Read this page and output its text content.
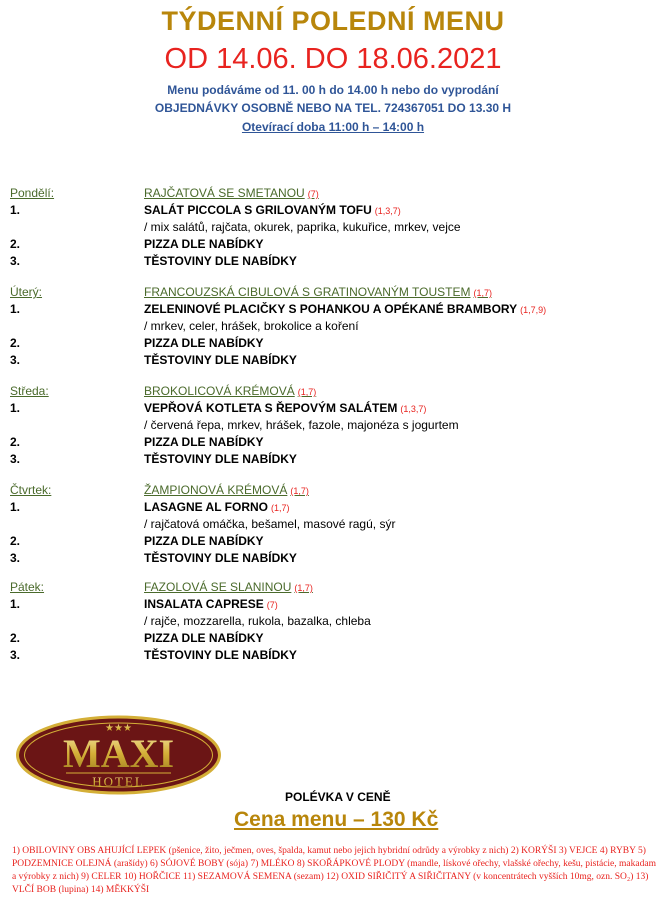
TÝDENNÍ POLEDNÍ MENU
OD 14.06. DO 18.06.2021
Menu podáváme od 11. 00 h do 14.00 h nebo do vyprodání
OBJEDNÁVKY OSOBNĚ NEBO NA TEL. 724367051 DO 13.30 H
Otevírací doba 11:00 h – 14:00 h
Pondělí:	RAJČATOVÁ SE SMETANOU (7)
1.	SALÁT PICCOLA S GRILOVANÝM TOFU (1,3,7)
/ mix salátů, rajčata, okurek, paprika, kukuřice, mrkev, vejce
2.	PIZZA DLE NABÍDKY
3.	TĚSTOVINY DLE NABÍDKY
Úterý:	FRANCOUZSKÁ CIBULOVÁ S GRATINOVANÝM TOUSTEM (1,7)
1.	ZELENINOVÉ PLACIČKY S POHANKOU A OPÉKANÉ BRAMBORY (1,7,9)
/ mrkev, celer, hrášek, brokolice a koření
2.	PIZZA DLE NABÍDKY
3.	TĚSTOVINY DLE NABÍDKY
Středa:	BROKOLICOVÁ KRÉMOVÁ (1,7)
1.	VEPŘOVÁ KOTLETA S ŘEPOVÝM SALÁTEM (1,3,7)
/ červená řepa, mrkev, hrášek, fazole, majonéza s jogurtem
2.	PIZZA DLE NABÍDKY
3.	TĚSTOVINY DLE NABÍDKY
Čtvrtek:	ŽAMPIONOVÁ KRÉMOVÁ (1,7)
1.	LASAGNE AL FORNO (1,7)
/ rajčatová omáčka, bešamel, masové ragú, sýr
2.	PIZZA DLE NABÍDKY
3.	TĚSTOVINY DLE NABÍDKY
Pátek:	FAZOLOVÁ SE SLANINOU (1,7)
1.	INSALATA CAPRESE (7)
/ rajče, mozzarella, rukola, bazalka, chleba
2.	PIZZA DLE NABÍDKY
3.	TĚSTOVINY DLE NABÍDKY
★★★
MAXI
HOTEL
POLÉVKA V CENĚ
Cena menu – 130 Kč
1) OBILOVINY OBS AHUJÍCÍ LEPEK (pšenice, žito, ječmen, oves, špalda, kamut nebo jejich hybridní odrůdy a výrobky z nich) 2) KORÝŠI 3) VEJCE 4) RYBY 5) PODZEMNICE OLEJNÁ (arašídy) 6) SÓJOVÉ BOBY (sója) 7) MLÉKO 8) SKOŘÁPKOVÉ PLODY (mandle, lískové ořechy, vlašské ořechy, kešu, pistácie, makadam a výrobky z nich) 9) CELER 10) HOŘČICE 11) SEZAMOVÁ SEMENA (sezam) 12) OXID SIŘIČITÝ A SIŘIČITANY (v koncentrátech vyšších 10mg, ozn. SO₂) 13) VLČÍ BOB (lupina) 14) MĚKKÝŠI
